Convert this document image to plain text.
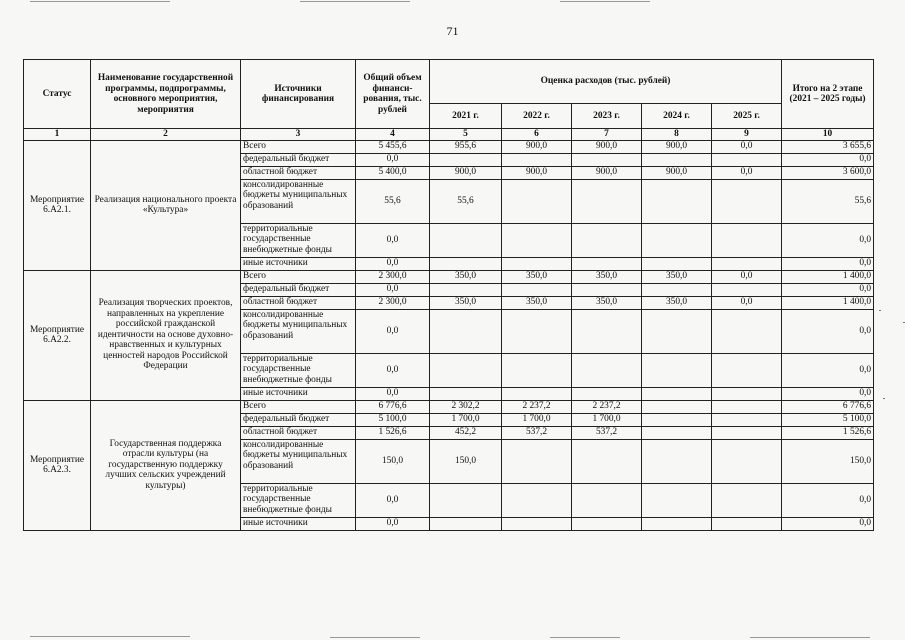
71
Статус	Наименование государственной программы, подпрограммы, основного мероприятия, мероприятия	Источники финансирования	Общий объем финанси-рования, тыс. рублей	Оценка расходов (тыс. рублей)					Итого на 2 этапе (2021 – 2025 годы)
				2021 г.	2022 г.	2023 г.	2024 г.	2025 г.	
1	2	3	4	5	6	7	8	9	10
Мероприятие 6.А2.1.	Реализация национального проекта «Культура»	Всего	5 455,6	955,6	900,0	900,0	900,0	0,0	3 655,6
		федеральный бюджет	0,0						0,0
		областной бюджет	5 400,0	900,0	900,0	900,0	900,0	0,0	3 600,0
		консолидированные бюджеты муниципальных образований	55,6	55,6					55,6
		территориальные государственные внебюджетные фонды	0,0						0,0
		иные источники	0,0						0,0
Мероприятие 6.А2.2.	Реализация творческих проектов, направленных на укрепление российской гражданской идентичности на основе духовно-нравственных и культурных ценностей народов Российской Федерации	Всего	2 300,0	350,0	350,0	350,0	350,0	0,0	1 400,0
		федеральный бюджет	0,0						0,0
		областной бюджет	2 300,0	350,0	350,0	350,0	350,0	0,0	1 400,0
		консолидированные бюджеты муниципальных образований	0,0						0,0
		территориальные государственные внебюджетные фонды	0,0						0,0
		иные источники	0,0						0,0
Мероприятие 6.А2.3.	Государственная поддержка отрасли культуры (на государственную поддержку лучших сельских учреждений культуры)	Всего	6 776,6	2 302,2	2 237,2	2 237,2			6 776,6
		федеральный бюджет	5 100,0	1 700,0	1 700,0	1 700,0			5 100,0
		областной бюджет	1 526,6	452,2	537,2	537,2			1 526,6
		консолидированные бюджеты муниципальных образований	150,0	150,0					150,0
		территориальные государственные внебюджетные фонды	0,0						0,0
		иные источники	0,0						0,0
